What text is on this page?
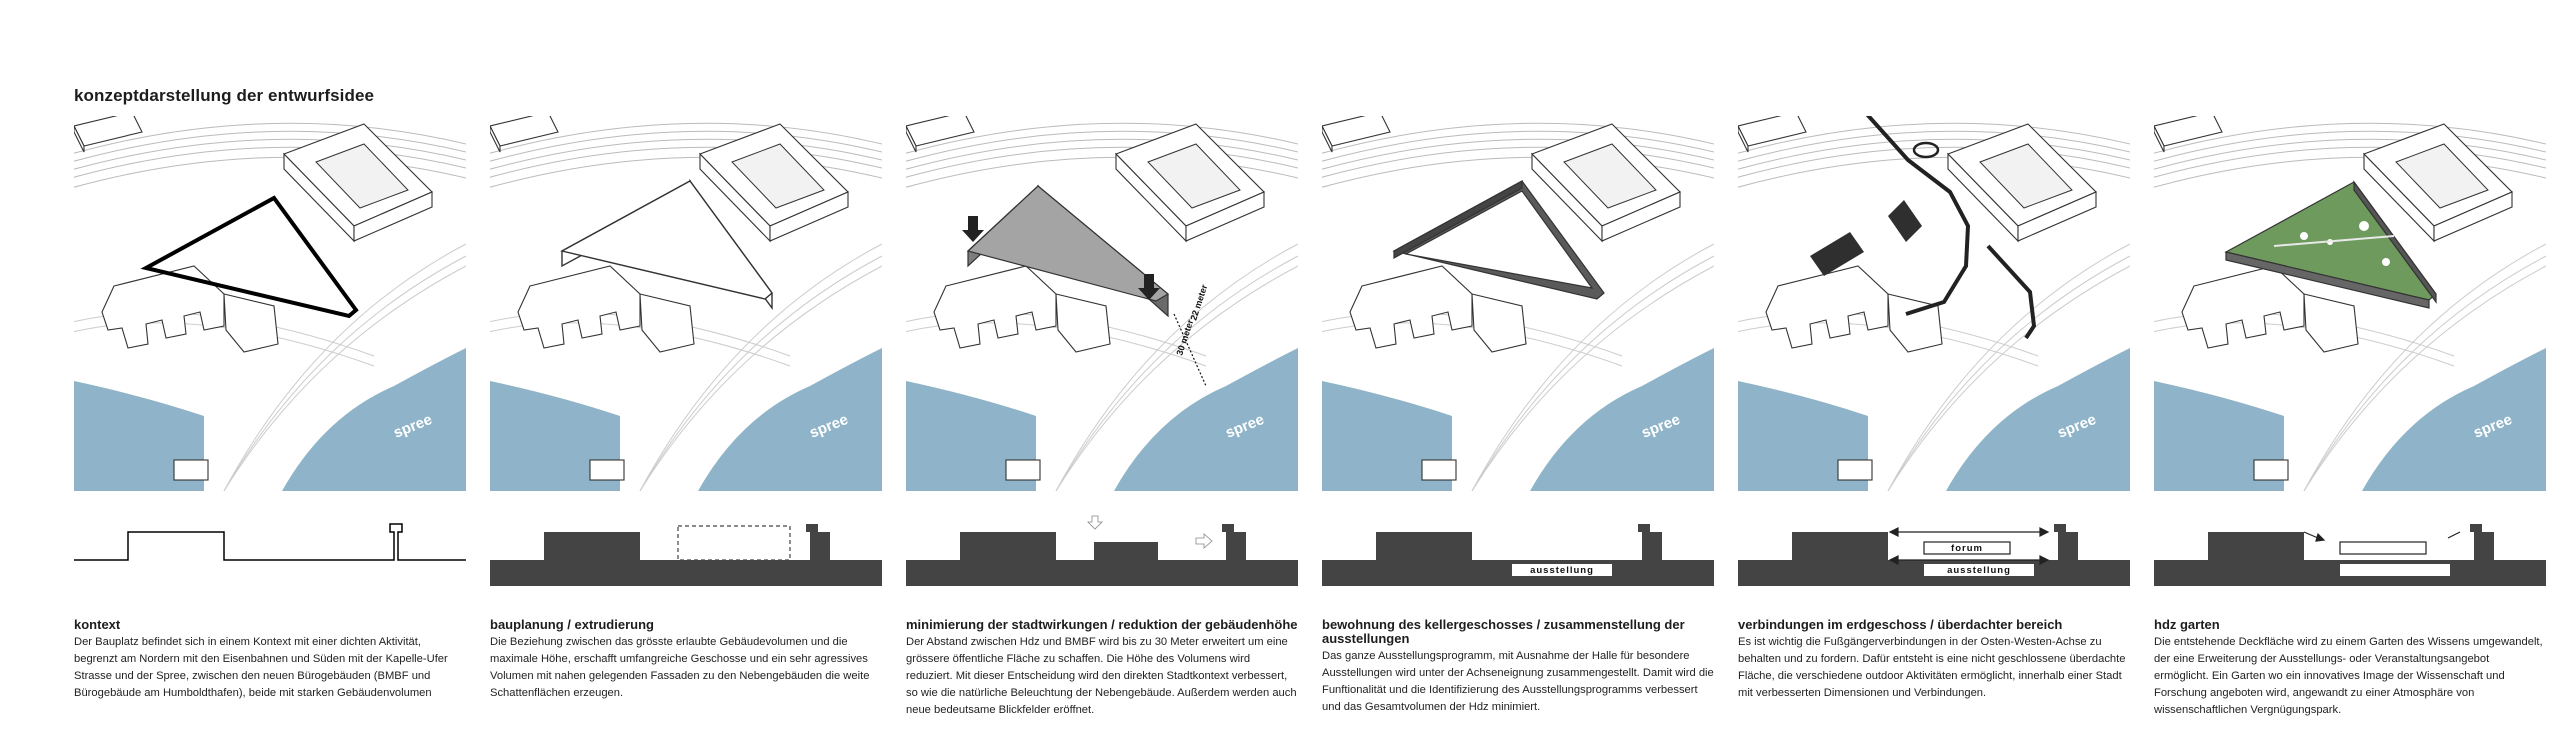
konzeptdarstellung der entwurfsidee
spree
kontext

Der Bauplatz befindet sich in einem Kontext mit einer dichten Aktivität, begrenzt am Nordern mit den Eisenbahnen und Süden mit der Kapelle-Ufer Strasse und der Spree, zwischen den neuen Bürogebäuden (BMBF und Bürogebäude am Humboldthafen), beide mit starken Gebäudenvolumen

spree
bauplanung / extrudierung

Die Beziehung zwischen das grösste erlaubte Gebäudevolumen und die maximale Höhe, erschafft umfangreiche Geschosse und ein sehr agressives Volumen mit nahen gelegenden Fassaden zu den Nebengebäuden die weite Schattenflächen erzeugen.

22 meter
30 meter
spree
minimierung der stadtwirkungen / reduktion der gebäudenhöhe

Der Abstand zwischen Hdz und BMBF wird bis zu 30 Meter erweitert um eine grössere öffentliche Fläche zu schaffen. Die Höhe des Volumens wird reduziert. Mit dieser Entscheidung wird den direkten Stadtkontext verbessert, so wie die natürliche Beleuchtung der Nebengebäude. Außerdem werden auch neue bedeutsame Blickfelder eröffnet.

spree
ausstellung
bewohnung des kellergeschosses / zusammenstellung der ausstellungen

Das ganze Ausstellungsprogramm, mit Ausnahme der Halle für besondere Ausstellungen wird unter der Achseneignung zusammengestellt. Damit wird die Funftionalität und die Identifizierung des Ausstellungsprogramms verbessert und das Gesamtvolumen der Hdz minimiert.

spree
forum
ausstellung
verbindungen im erdgeschoss / überdachter bereich

Es ist wichtig die Fußgängerverbindungen in der Osten-Westen-Achse zu behalten und zu fordern. Dafür entsteht is eine nicht geschlossene überdachte Fläche, die verschiedene outdoor Aktivitäten ermöglicht, innerhalb einer Stadt mit verbesserten Dimensionen und Verbindungen.

spree
hdz garten

Die entstehende Deckfläche wird zu einem Garten des Wissens umgewandelt, der eine Erweiterung der Ausstellungs- oder Veranstaltungsangebot ermöglicht. Ein Garten wo ein innovatives Image der Wissenschaft und Forschung angeboten wird, angewandt zu einer Atmosphäre von wissenschaftlichen Vergnügungspark.
